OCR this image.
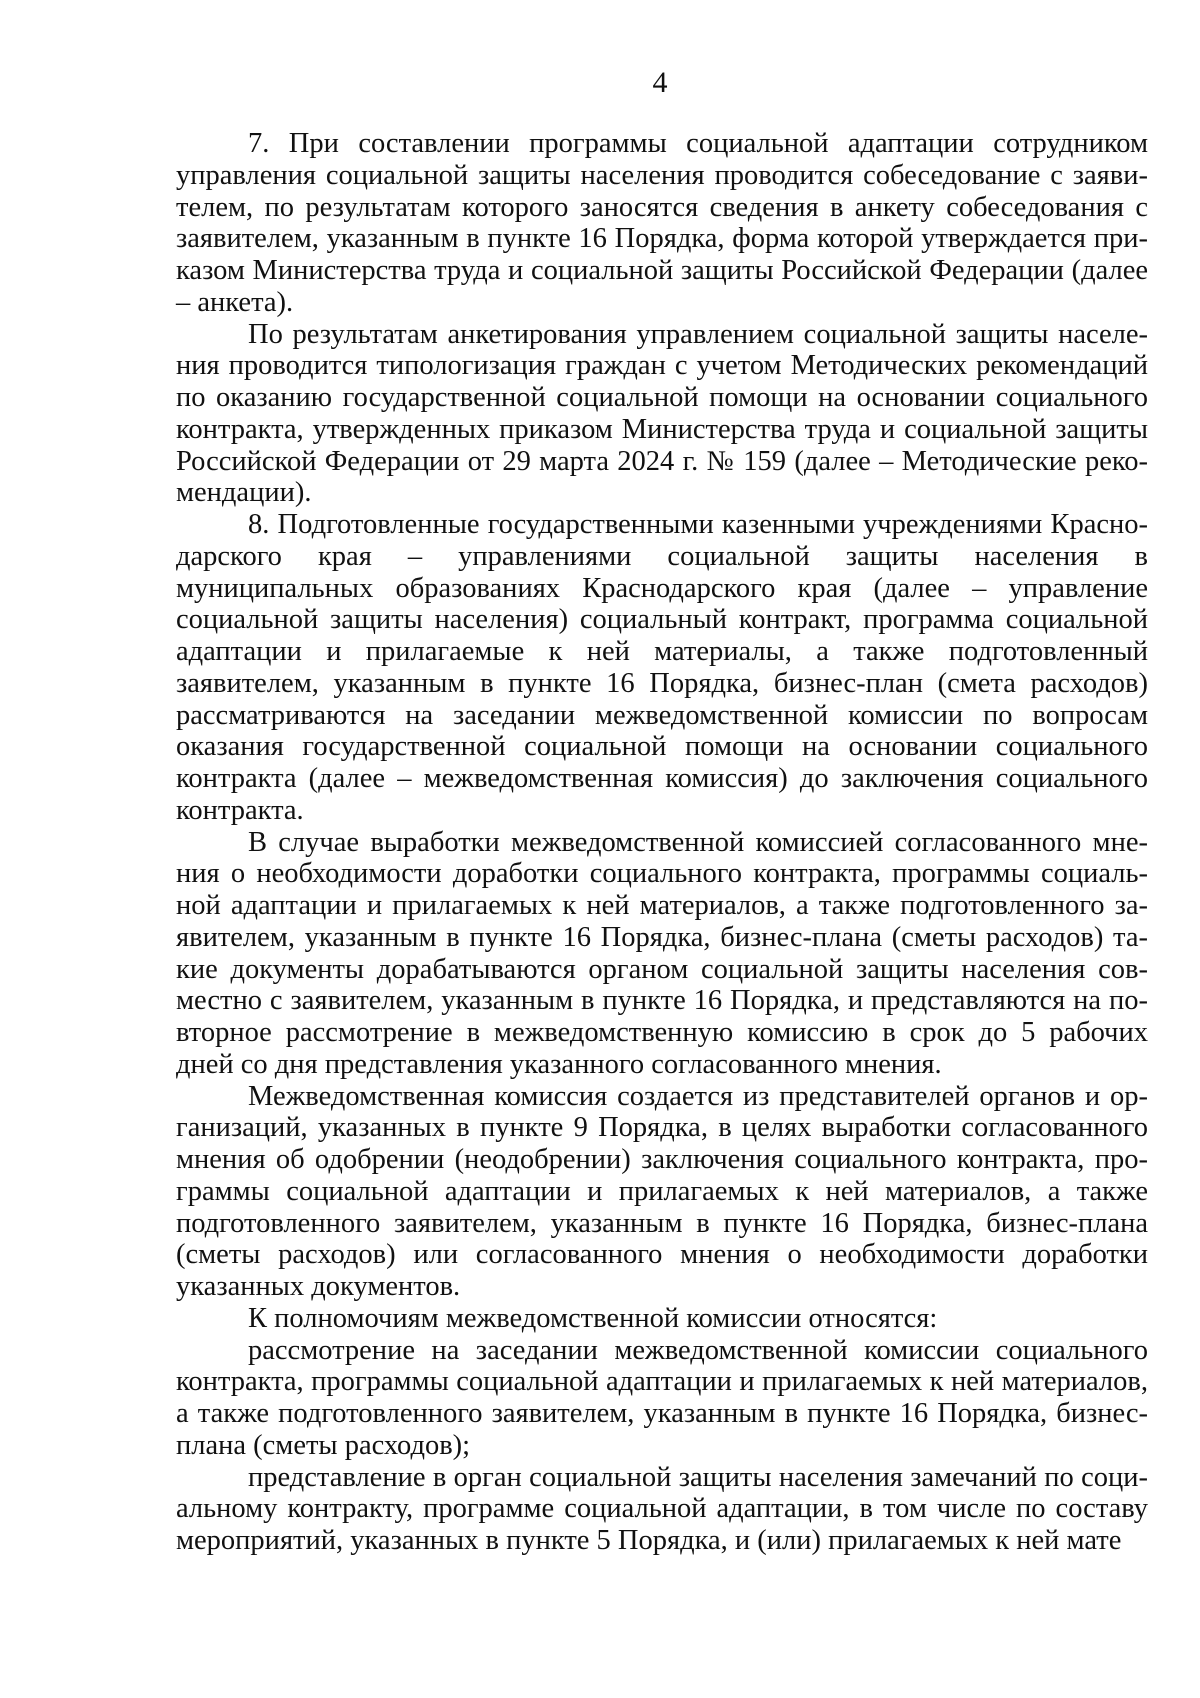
4

7. При составлении программы социальной адаптации сотрудником управления социальной защиты населения проводится собеседование с заявителем, по результатам которого заносятся сведения в анкету собеседования с заявителем, указанным в пункте 16 Порядка, форма которой утверждается приказом Министерства труда и социальной защиты Российской Федерации (далее – анкета).

По результатам анкетирования управлением социальной защиты населения проводится типологизация граждан с учетом Методических рекомендаций по оказанию государственной социальной помощи на основании социального контракта, утвержденных приказом Министерства труда и социальной защиты Российской Федерации от 29 марта 2024 г. № 159 (далее – Методические рекомендации).

8. Подготовленные государственными казенными учреждениями Краснодарского края – управлениями социальной защиты населения в муниципальных образованиях Краснодарского края (далее – управление социальной защиты населения) социальный контракт, программа социальной адаптации и прилагаемые к ней материалы, а также подготовленный заявителем, указанным в пункте 16 Порядка, бизнес-план (смета расходов) рассматриваются на заседании межведомственной комиссии по вопросам оказания государственной социальной помощи на основании социального контракта (далее – межведомственная комиссия) до заключения социального контракта.

В случае выработки межведомственной комиссией согласованного мнения о необходимости доработки социального контракта, программы социальной адаптации и прилагаемых к ней материалов, а также подготовленного заявителем, указанным в пункте 16 Порядка, бизнес-плана (сметы расходов) такие документы дорабатываются органом социальной защиты населения совместно с заявителем, указанным в пункте 16 Порядка, и представляются на повторное рассмотрение в межведомственную комиссию в срок до 5 рабочих дней со дня представления указанного согласованного мнения.

Межведомственная комиссия создается из представителей органов и организаций, указанных в пункте 9 Порядка, в целях выработки согласованного мнения об одобрении (неодобрении) заключения социального контракта, программы социальной адаптации и прилагаемых к ней материалов, а также подготовленного заявителем, указанным в пункте 16 Порядка, бизнес-плана (сметы расходов) или согласованного мнения о необходимости доработки указанных документов.

К полномочиям межведомственной комиссии относятся:

рассмотрение на заседании межведомственной комиссии социального контракта, программы социальной адаптации и прилагаемых к ней материалов, а также подготовленного заявителем, указанным в пункте 16 Порядка, бизнесплана (сметы расходов);

представление в орган социальной защиты населения замечаний по социальному контракту, программе социальной адаптации, в том числе по составу мероприятий, указанных в пункте 5 Порядка, и (или) прилагаемых к ней мате
